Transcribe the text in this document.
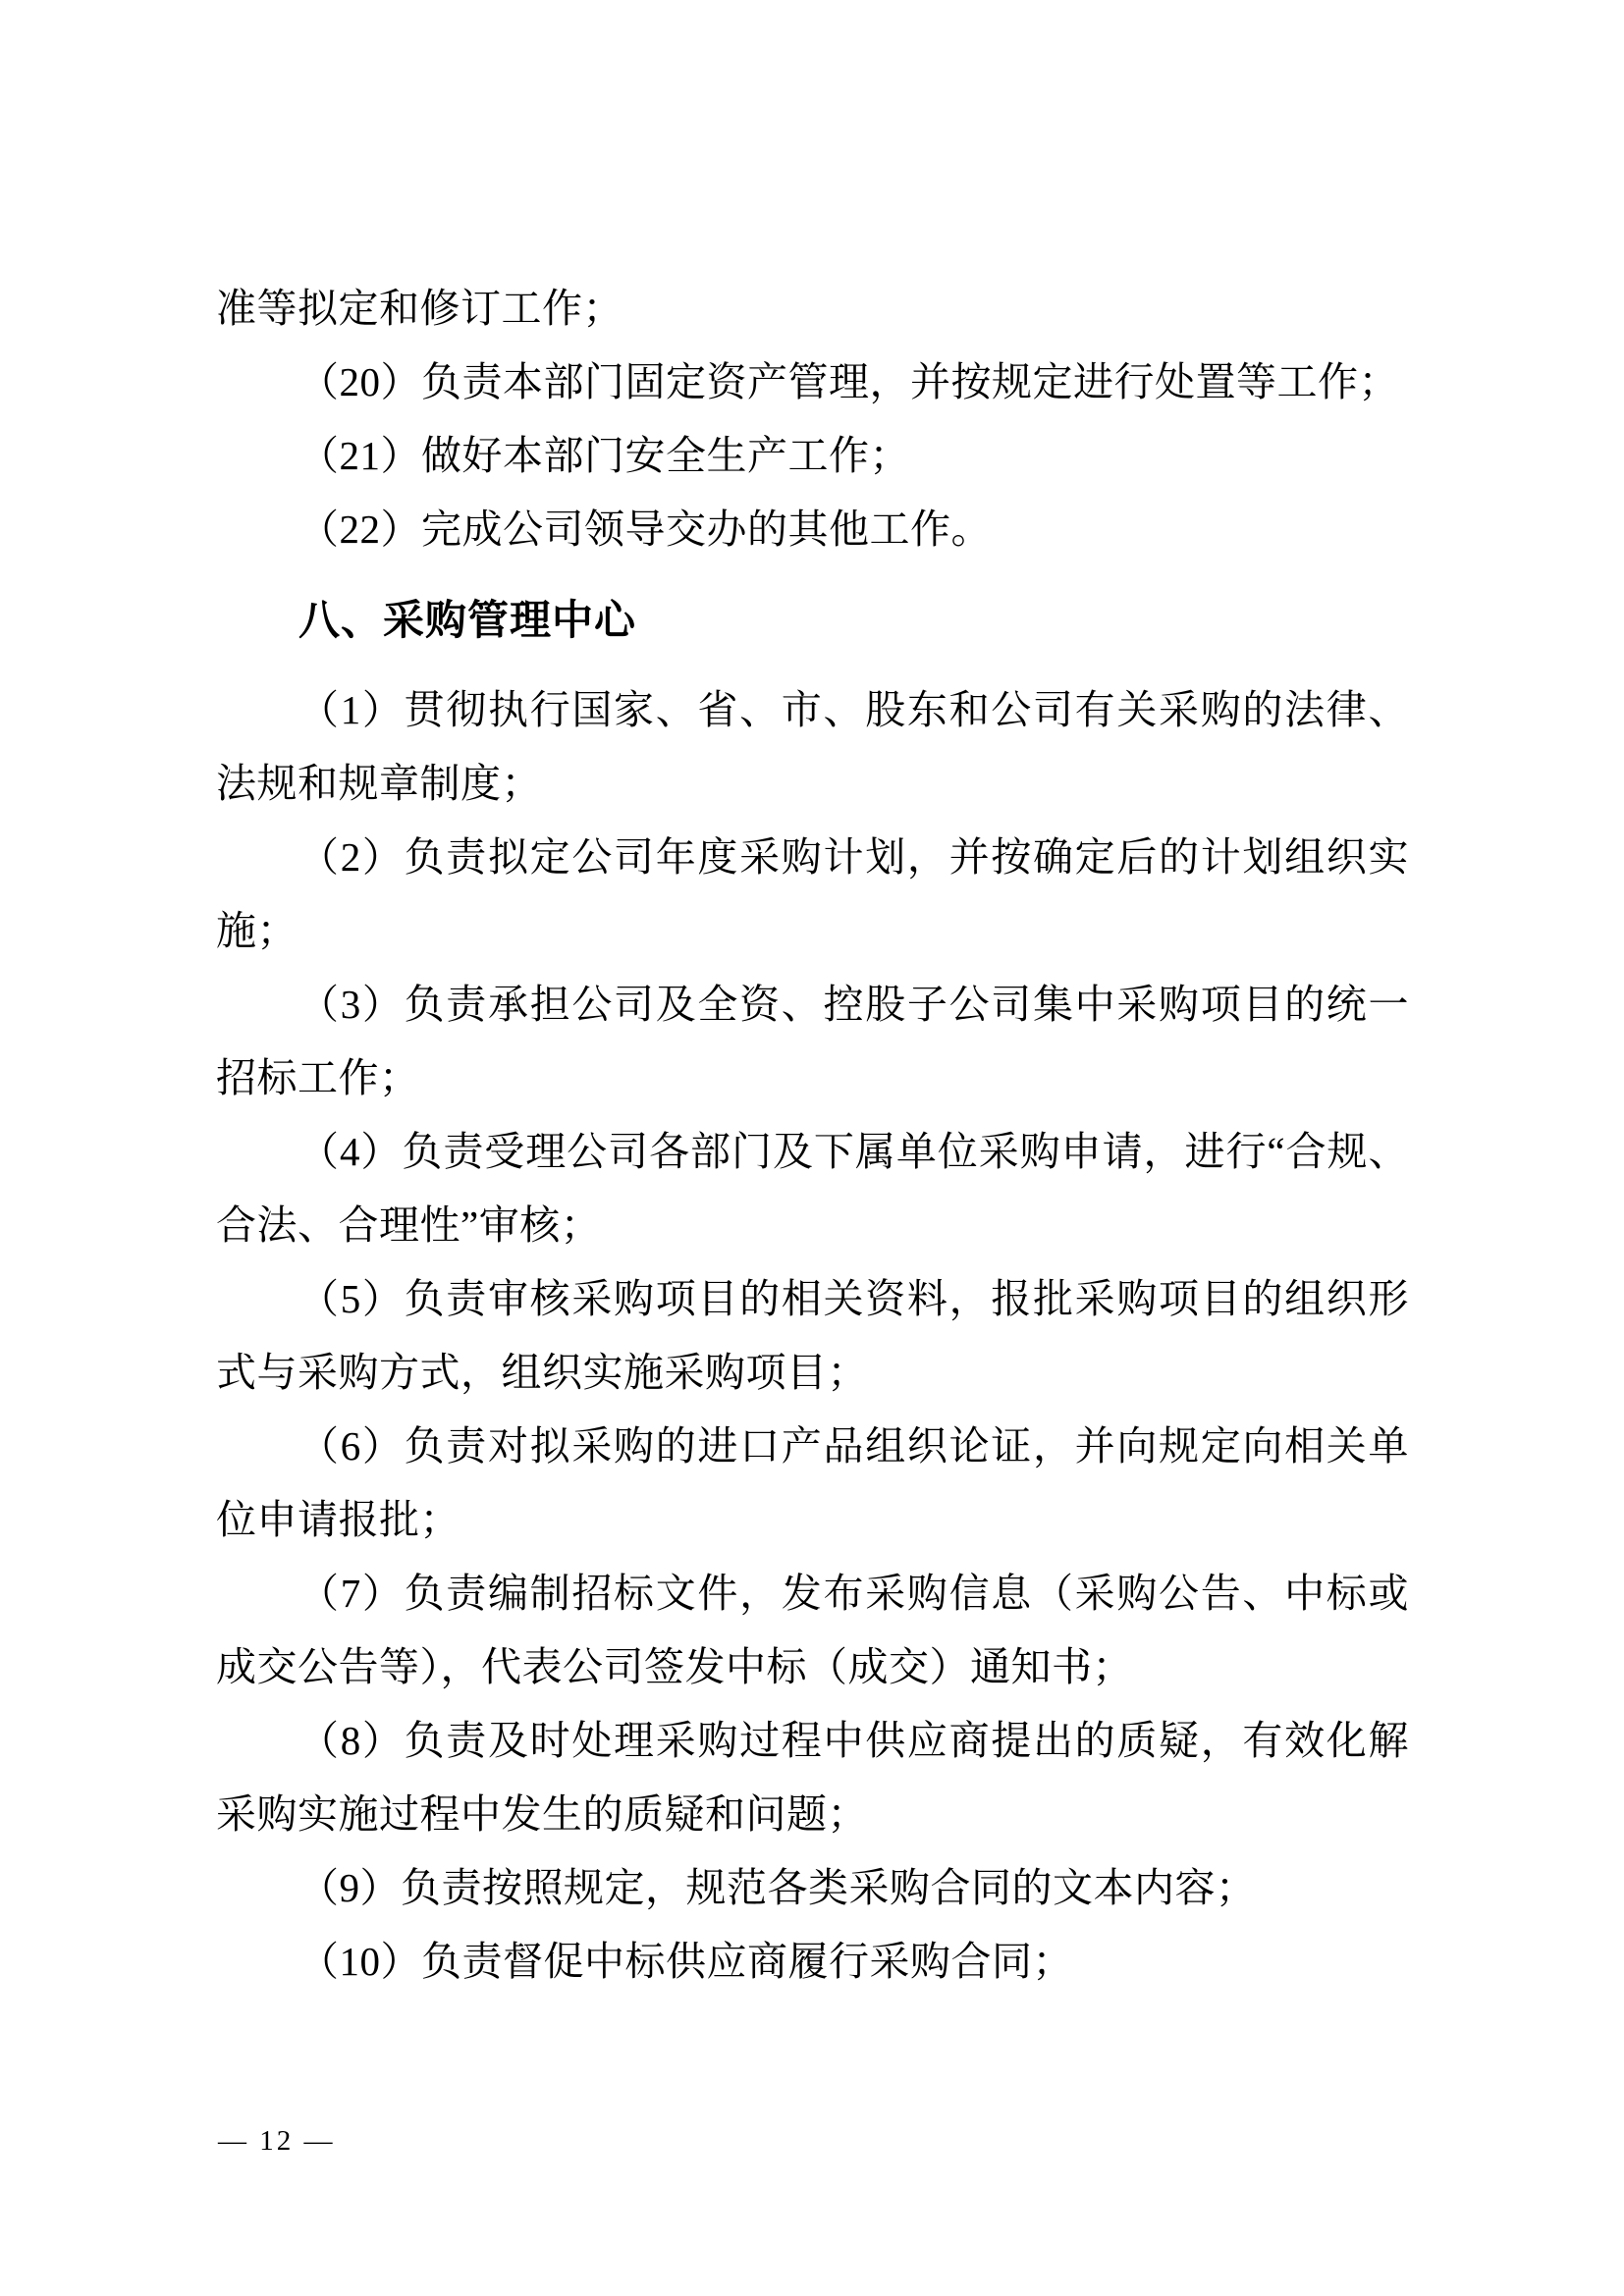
准等拟定和修订工作；
（20）负责本部门固定资产管理，并按规定进行处置等工作；
（21）做好本部门安全生产工作；
（22）完成公司领导交办的其他工作。
八、采购管理中心
（1）贯彻执行国家、省、市、股东和公司有关采购的法律、
法规和规章制度；
（2）负责拟定公司年度采购计划，并按确定后的计划组织实
施；
（3）负责承担公司及全资、控股子公司集中采购项目的统一
招标工作；
（4）负责受理公司各部门及下属单位采购申请，进行“合规、
合法、合理性”审核；
（5）负责审核采购项目的相关资料，报批采购项目的组织形
式与采购方式，组织实施采购项目；
（6）负责对拟采购的进口产品组织论证，并向规定向相关单
位申请报批；
（7）负责编制招标文件，发布采购信息（采购公告、中标或
成交公告等），代表公司签发中标（成交）通知书；
（8）负责及时处理采购过程中供应商提出的质疑，有效化解
采购实施过程中发生的质疑和问题；
（9）负责按照规定，规范各类采购合同的文本内容；
（10）负责督促中标供应商履行采购合同；
— 12 —
